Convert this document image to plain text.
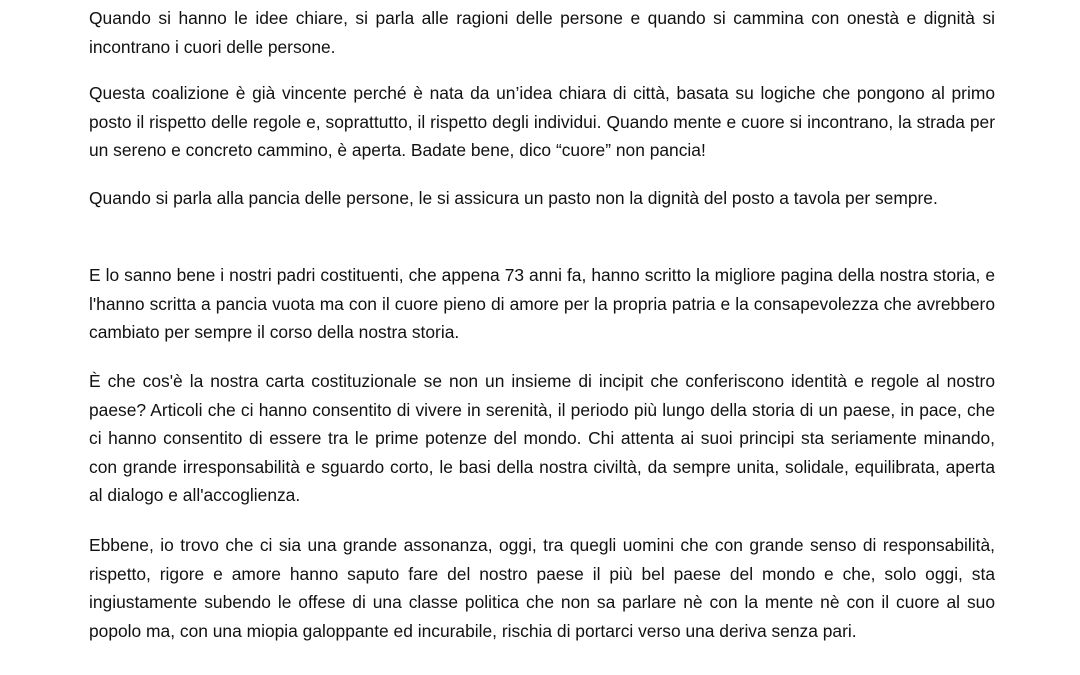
Quando si hanno le idee chiare, si parla alle ragioni delle persone e quando si cammina con onestà e dignità si incontrano i cuori delle persone.

Questa coalizione è già vincente perché è nata da un’idea chiara di città, basata su logiche che pongono al primo posto il rispetto delle regole e, soprattutto, il rispetto degli individui. Quando mente e cuore si incontrano, la strada per un sereno e concreto cammino, è aperta. Badate bene, dico “cuore” non pancia!

Quando si parla alla pancia delle persone, le si assicura un pasto non la dignità del posto a tavola per sempre.

E lo sanno bene i nostri padri costituenti, che appena 73 anni fa, hanno scritto la migliore pagina della nostra storia, e l'hanno scritta a pancia vuota ma con il cuore pieno di amore per la propria patria e la consapevolezza che avrebbero cambiato per sempre il corso della nostra storia.

È che cos'è la nostra carta costituzionale se non un insieme di incipit che conferiscono identità e regole al nostro paese? Articoli che ci hanno consentito di vivere in serenità, il periodo più lungo della storia di un paese, in pace, che ci hanno consentito di essere tra le prime potenze del mondo. Chi attenta ai suoi principi sta seriamente minando, con grande irresponsabilità e sguardo corto, le basi della nostra civiltà, da sempre unita, solidale, equilibrata, aperta al dialogo e all'accoglienza.

Ebbene, io trovo che ci sia una grande assonanza, oggi, tra quegli uomini che con grande senso di responsabilità, rispetto, rigore e amore hanno saputo fare del nostro paese il più bel paese del mondo e che, solo oggi, sta ingiustamente subendo le offese di una classe politica che non sa parlare nè con la mente nè con il cuore al suo popolo ma, con una miopia galoppante ed incurabile, rischia di portarci verso una deriva senza pari.
